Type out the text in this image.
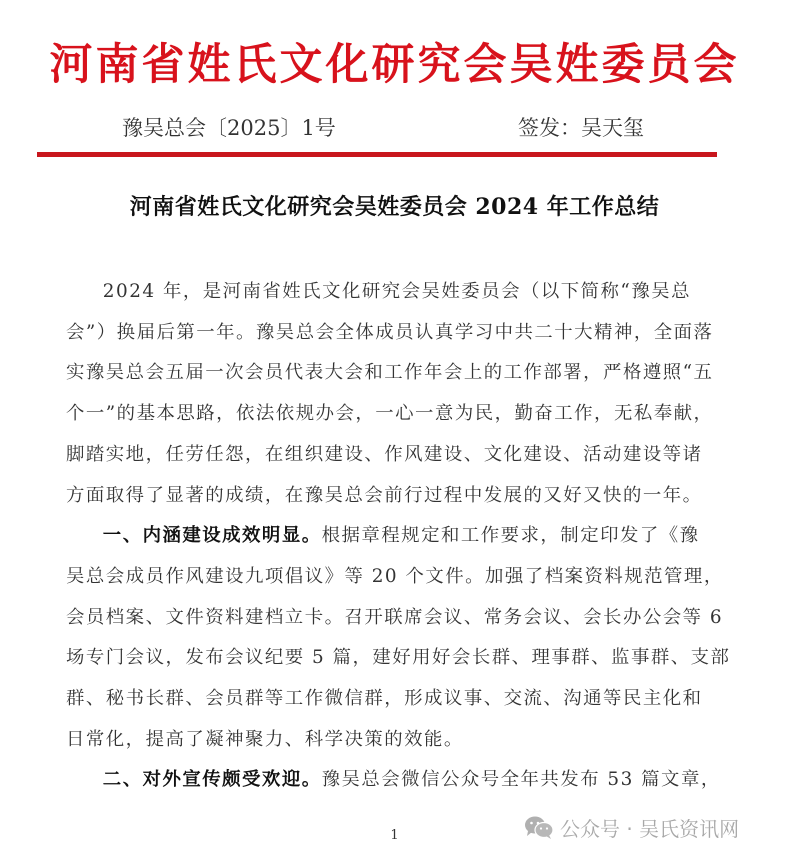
河南省姓氏文化研究会吴姓委员会
豫吴总会〔2025〕1号	签发：吴天玺
河南省姓氏文化研究会吴姓委员会 2024 年工作总结
2024 年，是河南省姓氏文化研究会吴姓委员会（以下简称“豫吴总
会”）换届后第一年。豫吴总会全体成员认真学习中共二十大精神，全面落
实豫吴总会五届一次会员代表大会和工作年会上的工作部署，严格遵照“五
个一”的基本思路，依法依规办会，一心一意为民，勤奋工作，无私奉献，
脚踏实地，任劳任怨，在组织建设、作风建设、文化建设、活动建设等诸
方面取得了显著的成绩，在豫吴总会前行过程中发展的又好又快的一年。
一、内涵建设成效明显。根据章程规定和工作要求，制定印发了《豫
吴总会成员作风建设九项倡议》等 20 个文件。加强了档案资料规范管理，
会员档案、文件资料建档立卡。召开联席会议、常务会议、会长办公会等 6
场专门会议，发布会议纪要 5 篇，建好用好会长群、理事群、监事群、支部
群、秘书长群、会员群等工作微信群，形成议事、交流、沟通等民主化和
日常化，提高了凝神聚力、科学决策的效能。
二、对外宣传颇受欢迎。豫吴总会微信公众号全年共发布 53 篇文章，
1	公众号 · 吴氏资讯网
